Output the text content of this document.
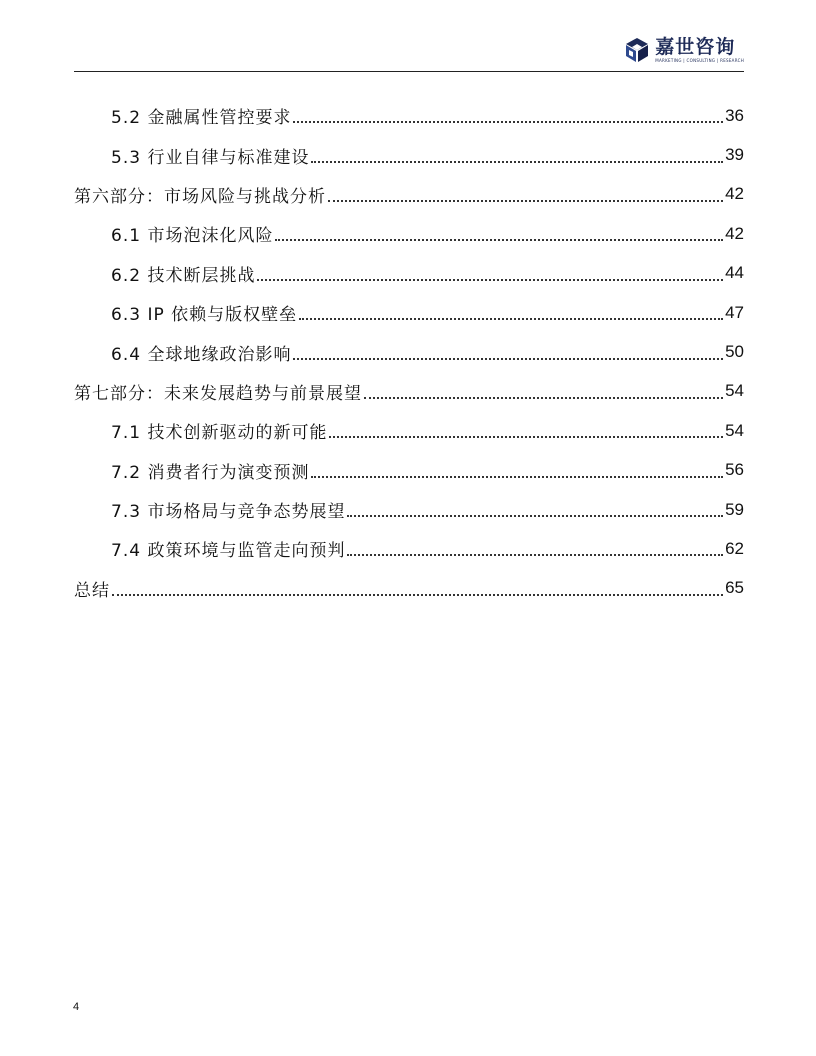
嘉世咨询
MARKETING | CONSULTING | RESEARCH
5.2 金融属性管控要求	36
5.3 行业自律与标准建设	39
第六部分：市场风险与挑战分析	42
6.1 市场泡沫化风险	42
6.2 技术断层挑战	44
6.3 IP 依赖与版权壁垒	47
6.4 全球地缘政治影响	50
第七部分：未来发展趋势与前景展望	54
7.1 技术创新驱动的新可能	54
7.2 消费者行为演变预测	56
7.3 市场格局与竞争态势展望	59
7.4 政策环境与监管走向预判	62
总结	65
4
